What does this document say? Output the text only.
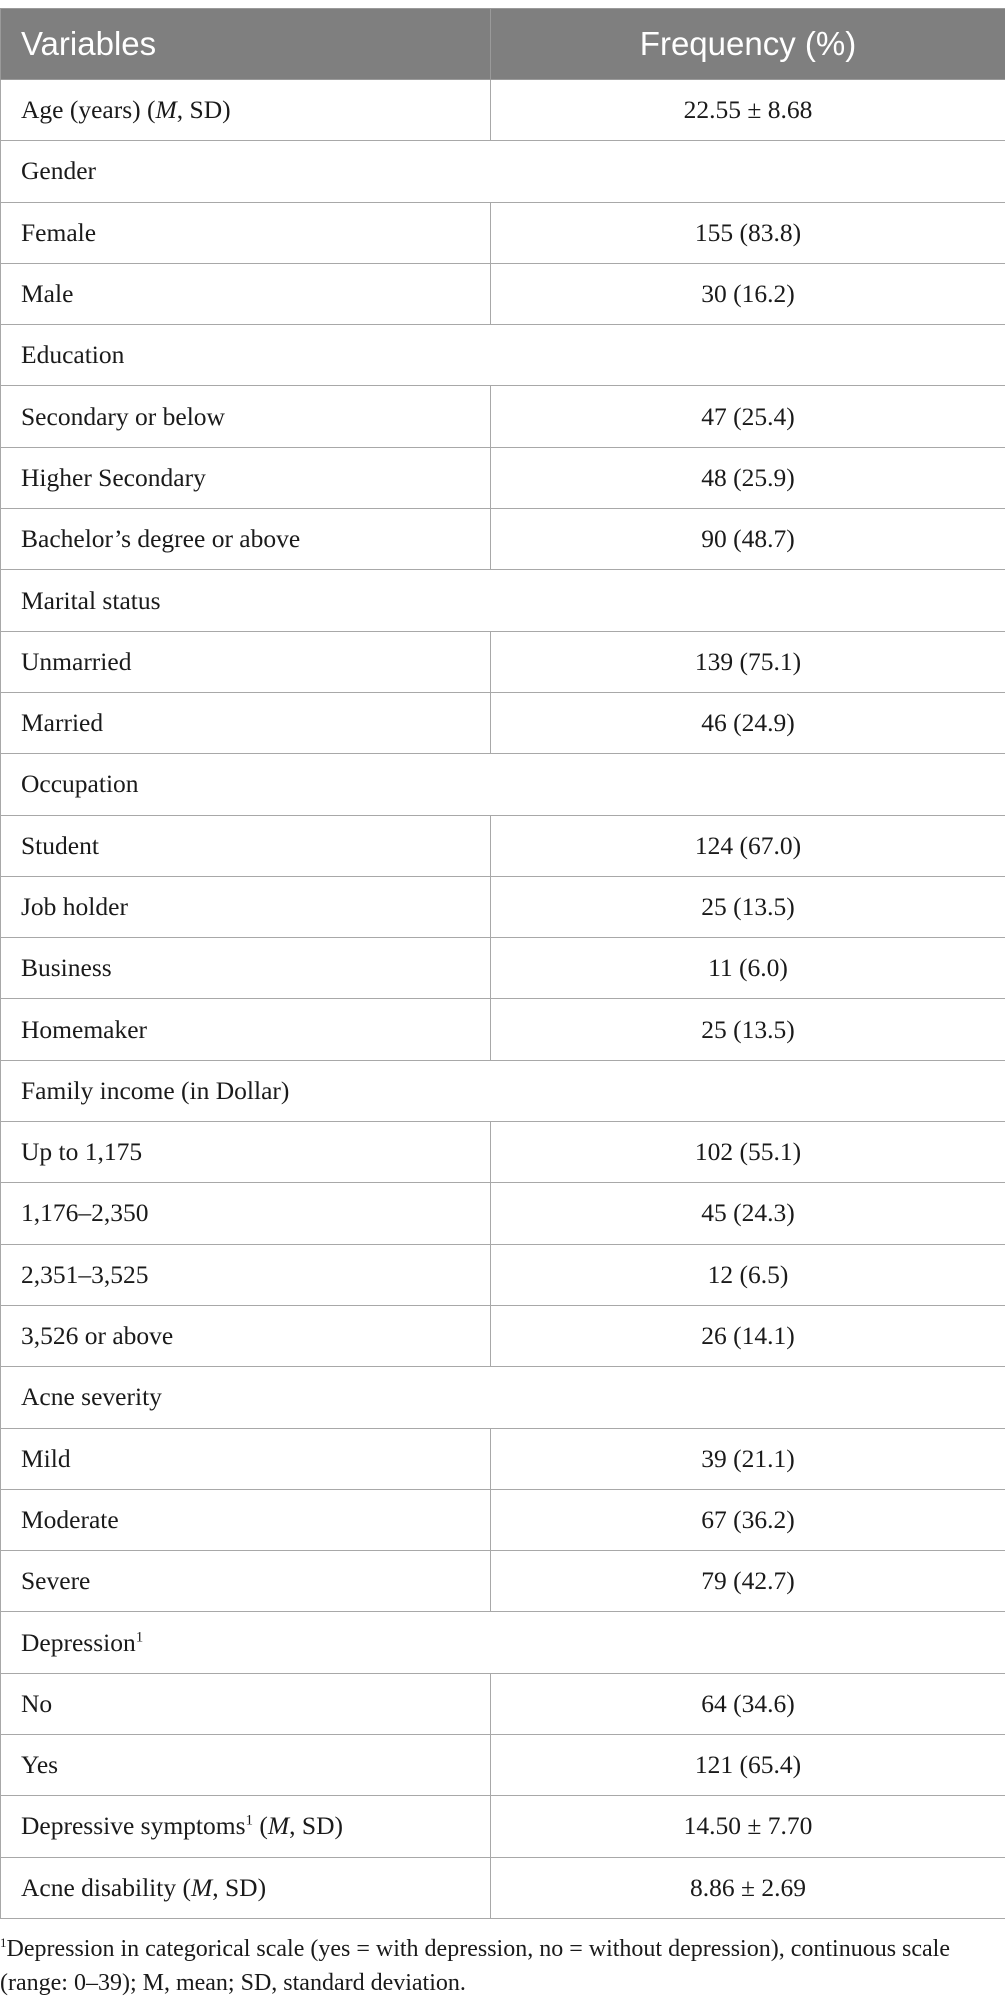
Variables	Frequency (%)
Age (years) (M, SD)	22.55 ± 8.68
Gender	
Female	155 (83.8)
Male	30 (16.2)
Education	
Secondary or below	47 (25.4)
Higher Secondary	48 (25.9)
Bachelor’s degree or above	90 (48.7)
Marital status	
Unmarried	139 (75.1)
Married	46 (24.9)
Occupation	
Student	124 (67.0)
Job holder	25 (13.5)
Business	11 (6.0)
Homemaker	25 (13.5)
Family income (in Dollar)	
Up to 1,175	102 (55.1)
1,176–2,350	45 (24.3)
2,351–3,525	12 (6.5)
3,526 or above	26 (14.1)
Acne severity	
Mild	39 (21.1)
Moderate	67 (36.2)
Severe	79 (42.7)
Depression$^1$
No	64 (34.6)
Yes	121 (65.4)
Depressive symptoms$^1$ (M, SD)	14.50 ± 7.70
Acne disability (M, SD)	8.86 ± 2.69
$^1$Depression in categorical scale (yes = with depression, no = without depression), continuous scale (range: 0–39); M, mean; SD, standard deviation.
